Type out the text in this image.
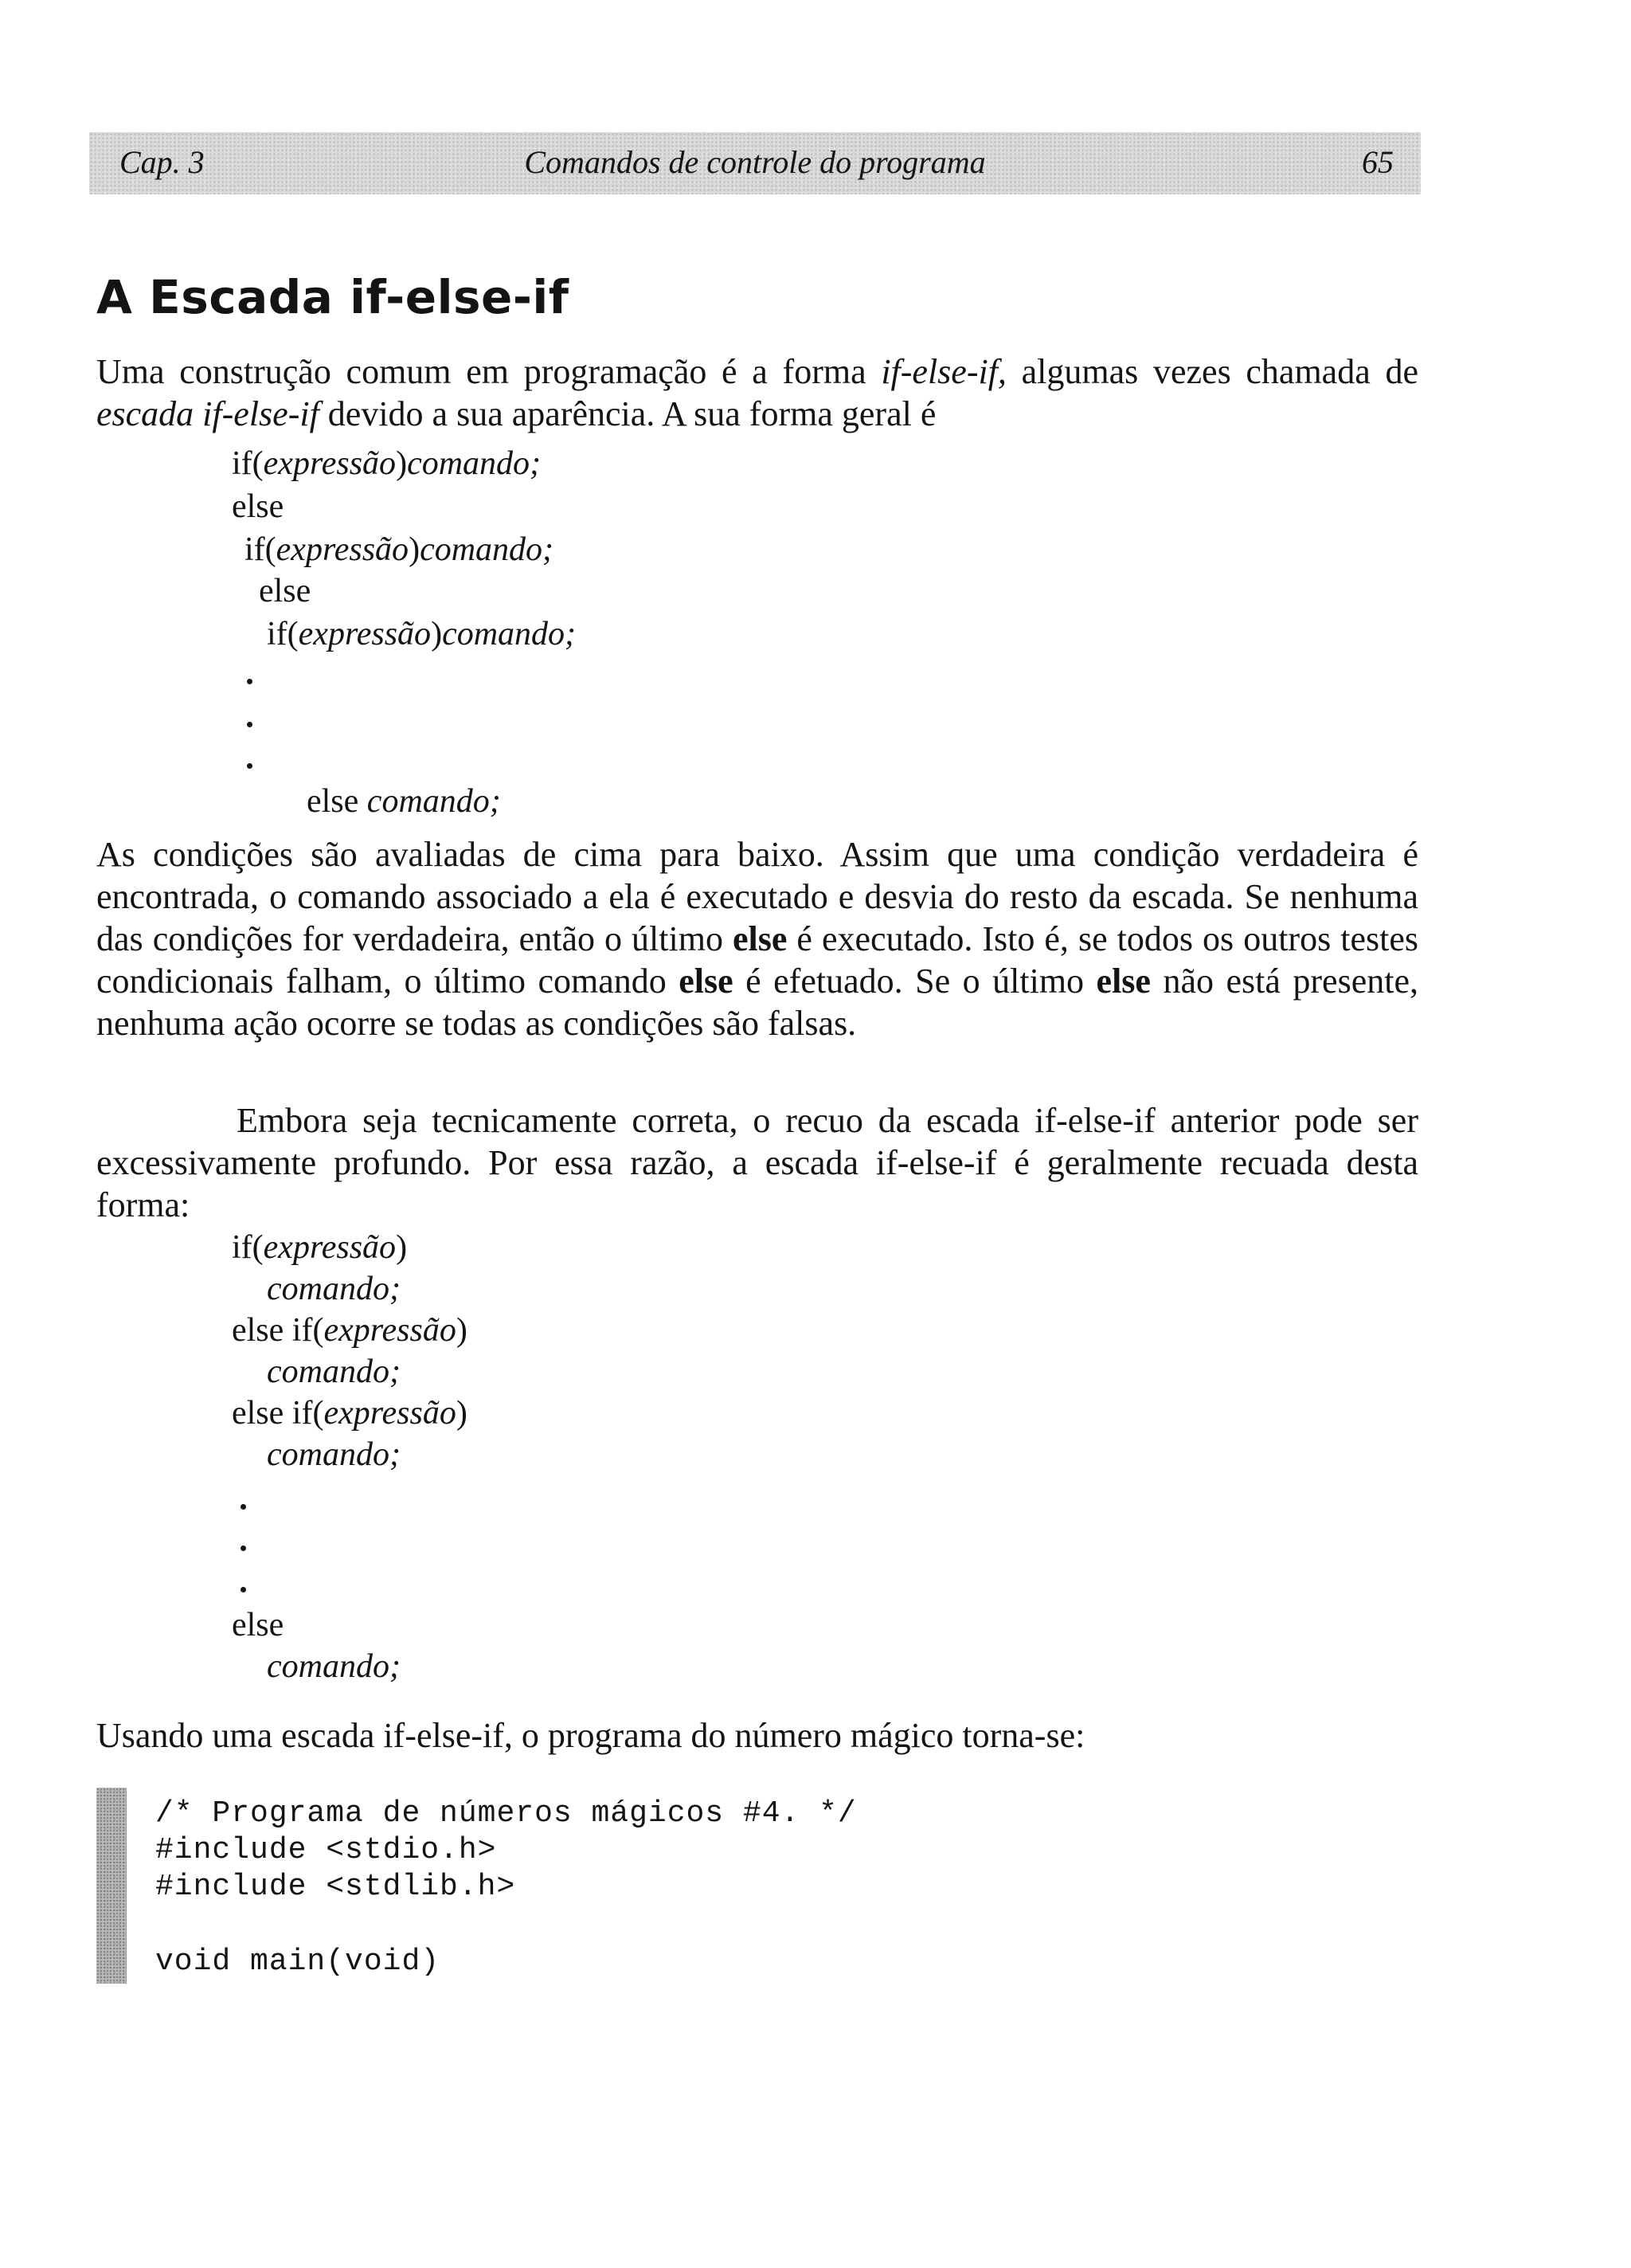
Cap. 3	Comandos de controle do programa	65
A Escada if-else-if

Uma construção comum em programação é a forma if-else-if, algumas vezes chamada de escada if-else-if devido a sua aparência. A sua forma geral é

if(expressão)comando;
else
if(expressão)comando;
else
if(expressão)comando;
else comando;

As condições são avaliadas de cima para baixo. Assim que uma condição verdadeira é encontrada, o comando associado a ela é executado e desvia do resto da escada. Se nenhuma das condições for verdadeira, então o último else é executado. Isto é, se todos os outros testes condicionais falham, o último comando else é efetuado. Se o último else não está presente, nenhuma ação ocorre se todas as condições são falsas.

Embora seja tecnicamente correta, o recuo da escada if-else-if anterior pode ser excessivamente profundo. Por essa razão, a escada if-else-if é geralmente recuada desta forma:

if(expressão)
comando;
else if(expressão)
comando;
else if(expressão)
comando;
else
comando;

Usando uma escada if-else-if, o programa do número mágico torna-se:

/* Programa de números mágicos #4. */
#include <stdio.h>
#include <stdlib.h>
void main(void)
